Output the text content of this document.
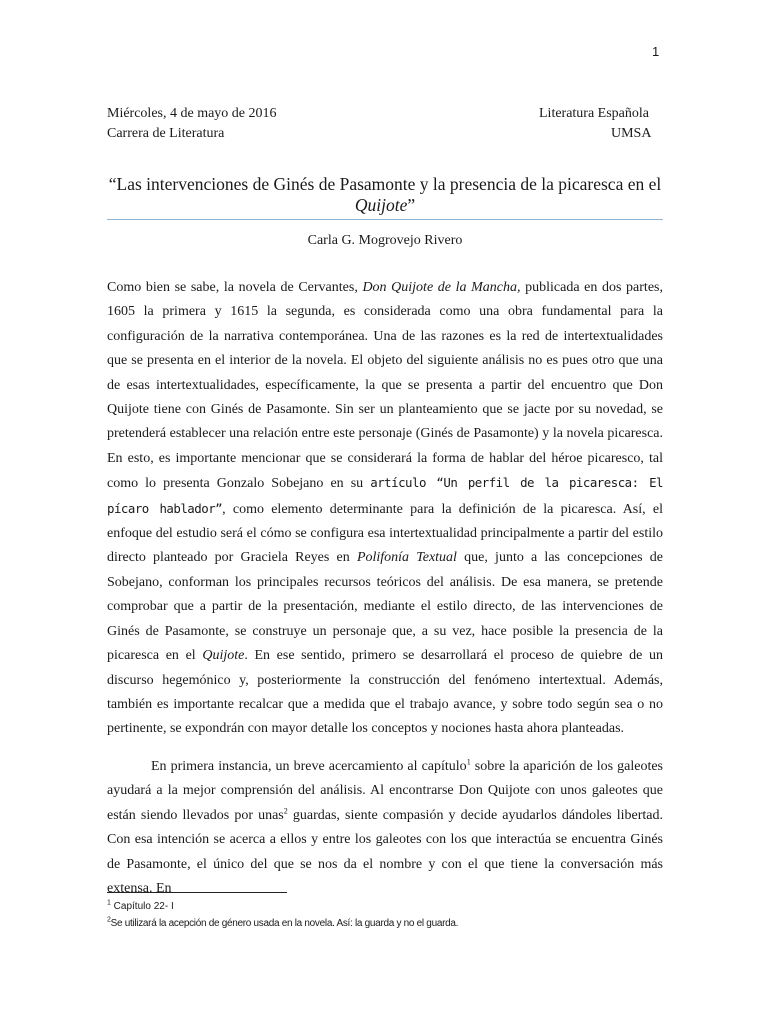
1
Miércoles, 4 de mayo de 2016
Carrera de Literatura
Literatura Española
UMSA
“Las intervenciones de Ginés de Pasamonte y la presencia de la picaresca en el Quijote”
Carla G. Mogrovejo Rivero

Como bien se sabe, la novela de Cervantes, Don Quijote de la Mancha, publicada en dos partes, 1605 la primera y 1615 la segunda, es considerada como una obra fundamental para la configuración de la narrativa contemporánea. Una de las razones es la red de intertextualidades que se presenta en el interior de la novela. El objeto del siguiente análisis no es pues otro que una de esas intertextualidades, específicamente, la que se presenta a partir del encuentro que Don Quijote tiene con Ginés de Pasamonte. Sin ser un planteamiento que se jacte por su novedad, se pretenderá establecer una relación entre este personaje (Ginés de Pasamonte) y la novela picaresca. En esto, es importante mencionar que se considerará la forma de hablar del héroe picaresco, tal como lo presenta Gonzalo Sobejano en su artículo “Un perfil de la picaresca: El pícaro hablador”, como elemento determinante para la definición de la picaresca. Así, el enfoque del estudio será el cómo se configura esa intertextualidad principalmente a partir del estilo directo planteado por Graciela Reyes en Polifonía Textual que, junto a las concepciones de Sobejano, conforman los principales recursos teóricos del análisis. De esa manera, se pretende comprobar que a partir de la presentación, mediante el estilo directo, de las intervenciones de Ginés de Pasamonte, se construye un personaje que, a su vez, hace posible la presencia de la picaresca en el Quijote. En ese sentido, primero se desarrollará el proceso de quiebre de un discurso hegemónico y, posteriormente la construcción del fenómeno intertextual. Además, también es importante recalcar que a medida que el trabajo avance, y sobre todo según sea o no pertinente, se expondrán con mayor detalle los conceptos y nociones hasta ahora planteadas.

En primera instancia, un breve acercamiento al capítulo$^1$ sobre la aparición de los galeotes ayudará a la mejor comprensión del análisis. Al encontrarse Don Quijote con unos galeotes que están siendo llevados por unas$^2$ guardas, siente compasión y decide ayudarlos dándoles libertad. Con esa intención se acerca a ellos y entre los galeotes con los que interactúa se encuentra Ginés de Pasamonte, el único del que se nos da el nombre y con el que tiene la conversación más extensa. En

$^1$ Capítulo 22- I
$^2$Se utilizará la acepción de género usada en la novela. Así: la guarda y no el guarda.
